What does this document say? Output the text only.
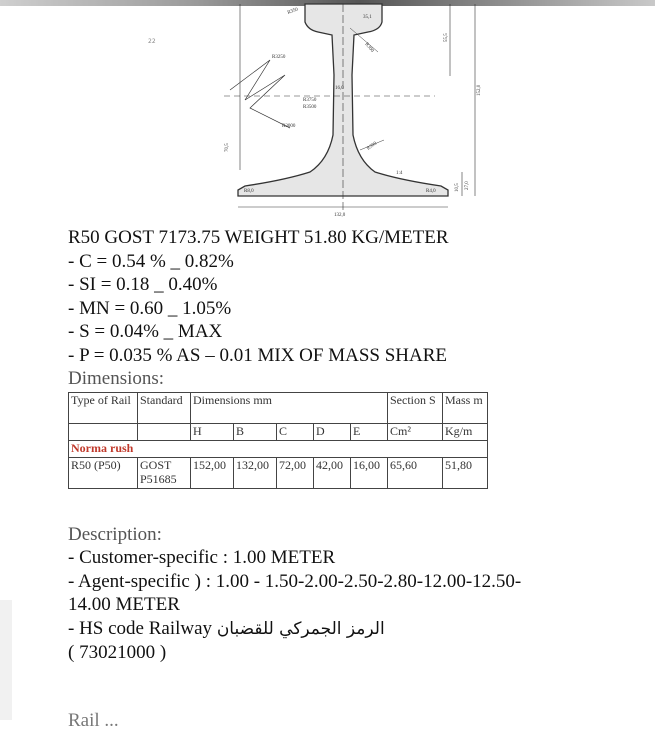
22
R350
35,1
R300
R3250
16,0
R3750
R3500
R3000
70,5
55,5
152,0
R500
R8,0
132,0
27,0
10,5
1:4
R4,0
R50 GOST 7173.75 WEIGHT 51.80 KG/METER
- C = 0.54 % _ 0.82%
- SI = 0.18 _ 0.40%
- MN = 0.60 _ 1.05%
- S = 0.04% _ MAX
- P = 0.035 % AS – 0.01 MIX OF MASS SHARE
Dimensions:
Type of Rail	Standard	Dimensions mm					Section S	Mass m
		H	B	C	D	E	Cm²	Kg/m
Norma rush								
R50 (P50)	GOST P51685	152,00	132,00	72,00	42,00	16,00	65,60	51,80
Description:
- Customer-specific : 1.00 METER
- Agent-specific ) : 1.00 - 1.50-2.00-2.50-2.80-12.00-12.50-
14.00 METER
- HS code Railway الرمز الجمركي للقضبان
( 73021000 )
Rail ...
